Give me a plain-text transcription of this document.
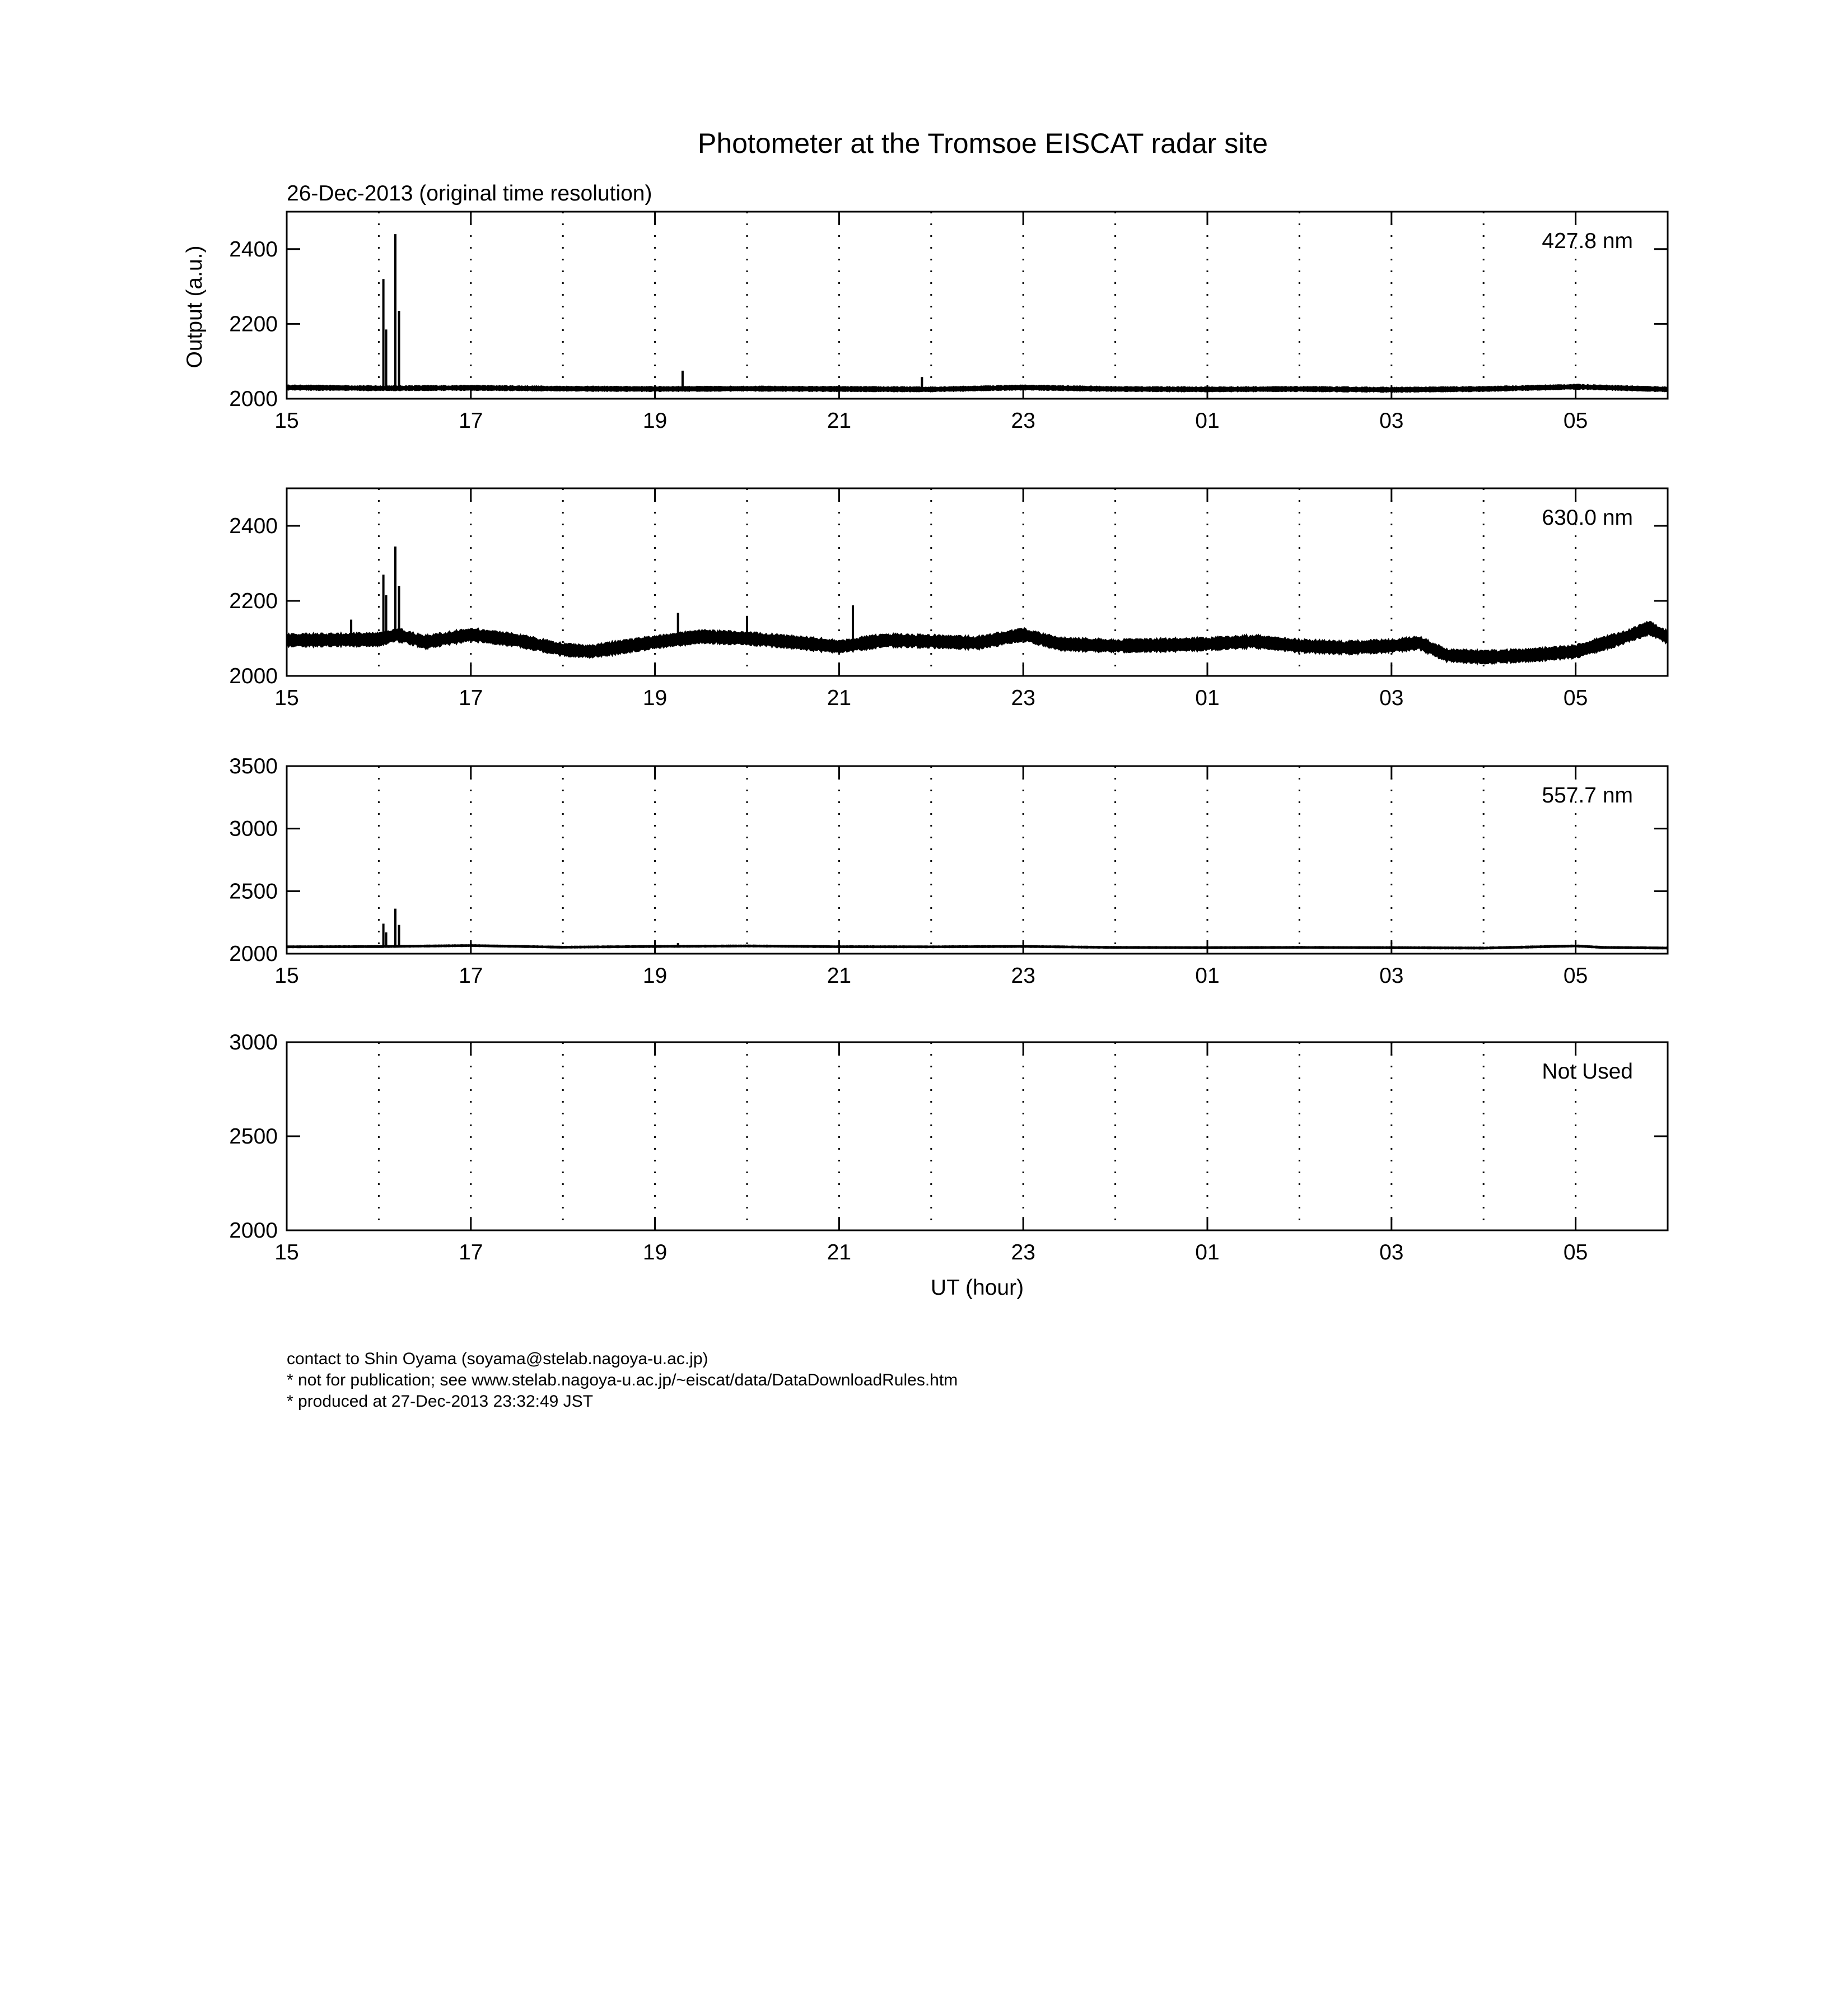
Photometer at the Tromsoe EISCAT radar site
26-Dec-2013 (original time resolution)
Output (a.u.)
UT (hour)
2000
2200
2400
15	17	19	21	23	01	03	05
427.8 nm
2000
2200
2400
15	17	19	21	23	01	03	05
630.0 nm
2000
2500
3000
3500
15	17	19	21	23	01	03	05
557.7 nm
2000
2500
3000
15	17	19	21	23	01	03	05
Not Used
contact to Shin Oyama (soyama@stelab.nagoya-u.ac.jp)
* not for publication; see www.stelab.nagoya-u.ac.jp/~eiscat/data/DataDownloadRules.htm
* produced at 27-Dec-2013 23:32:49 JST
